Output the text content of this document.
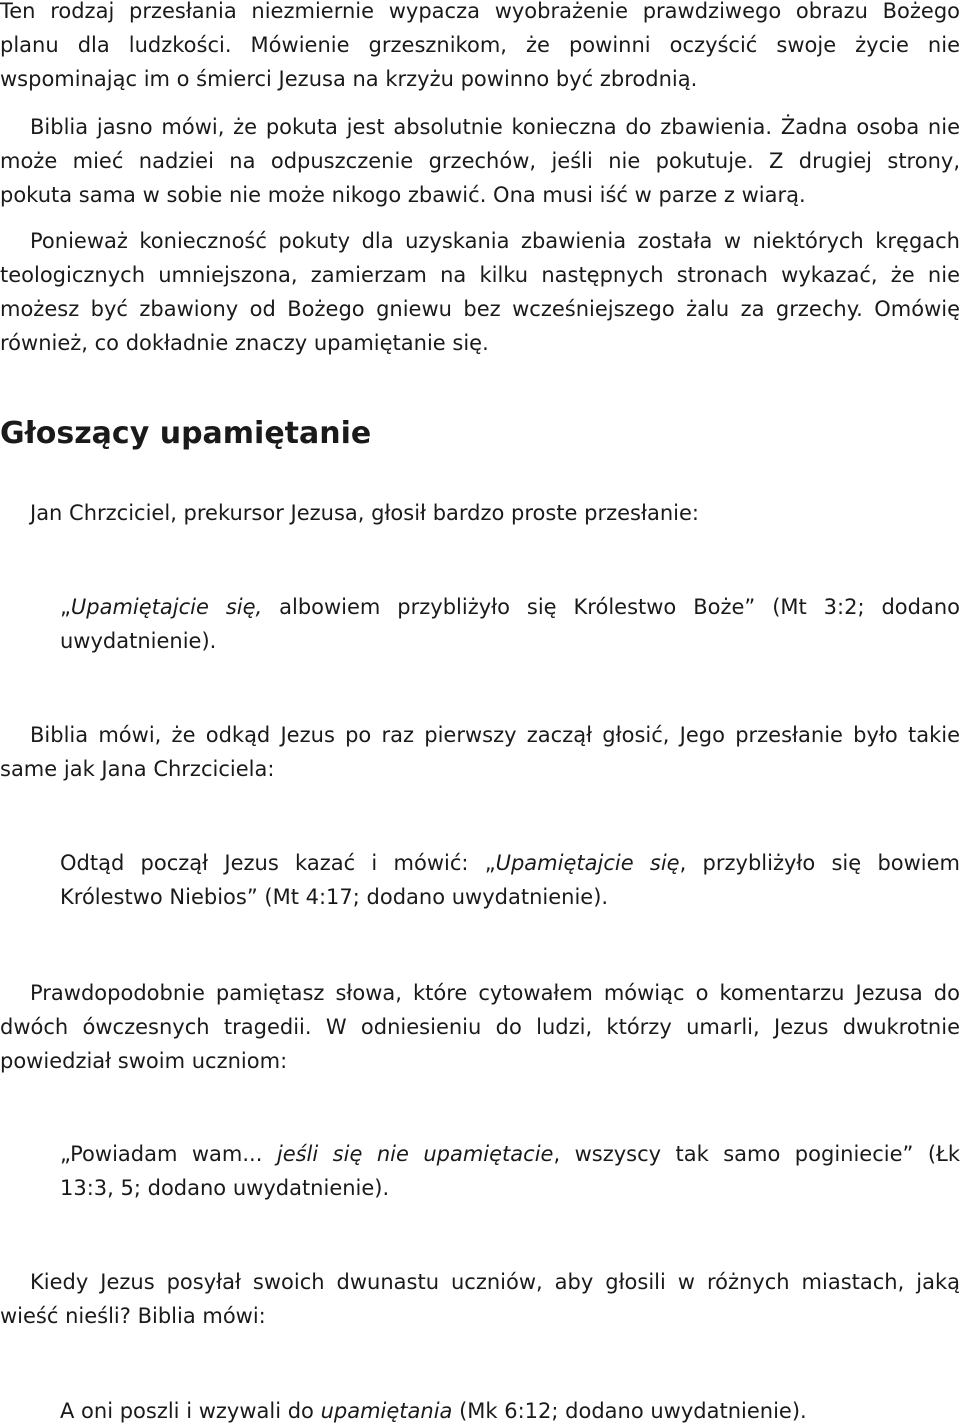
Ten rodzaj przesłania niezmiernie wypacza wyobrażenie prawdziwego obrazu Bożego
planu dla ludzkości. Mówienie grzesznikom, że powinni oczyścić swoje życie nie
wspominając im o śmierci Jezusa na krzyżu powinno być zbrodnią.
Biblia jasno mówi, że pokuta jest absolutnie konieczna do zbawienia. Żadna osoba nie
może mieć nadziei na odpuszczenie grzechów, jeśli nie pokutuje. Z drugiej strony,
pokuta sama w sobie nie może nikogo zbawić. Ona musi iść w parze z wiarą.
Ponieważ konieczność pokuty dla uzyskania zbawienia została w niektórych kręgach
teologicznych umniejszona, zamierzam na kilku następnych stronach wykazać, że nie
możesz być zbawiony od Bożego gniewu bez wcześniejszego żalu za grzechy. Omówię
również, co dokładnie znaczy upamiętanie się.
Głoszący upamiętanie
Jan Chrzciciel, prekursor Jezusa, głosił bardzo proste przesłanie:
„Upamiętajcie się, albowiem przybliżyło się Królestwo Boże” (Mt 3:2; dodano
uwydatnienie).
Biblia mówi, że odkąd Jezus po raz pierwszy zaczął głosić, Jego przesłanie było takie
same jak Jana Chrzciciela:
Odtąd począł Jezus kazać i mówić: „Upamiętajcie się, przybliżyło się bowiem
Królestwo Niebios” (Mt 4:17; dodano uwydatnienie).
Prawdopodobnie pamiętasz słowa, które cytowałem mówiąc o komentarzu Jezusa do
dwóch ówczesnych tragedii. W odniesieniu do ludzi, którzy umarli, Jezus dwukrotnie
powiedział swoim uczniom:
„Powiadam wam... jeśli się nie upamiętacie, wszyscy tak samo poginiecie” (Łk
13:3, 5; dodano uwydatnienie).
Kiedy Jezus posyłał swoich dwunastu uczniów, aby głosili w różnych miastach, jaką
wieść nieśli? Biblia mówi:
A oni poszli i wzywali do upamiętania (Mk 6:12; dodano uwydatnienie).
